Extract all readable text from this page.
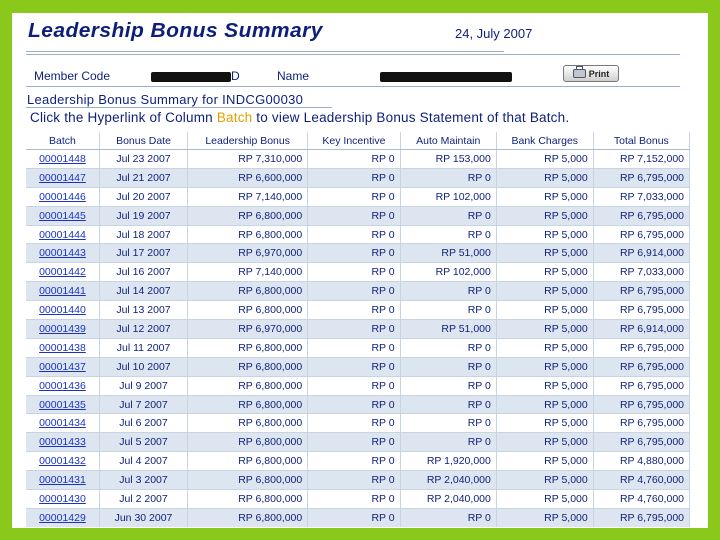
Leadership Bonus Summary	24, July 2007
Member Code	D	Name	Print
Leadership Bonus Summary for INDCG00030
Click the Hyperlink of Column Batch to view Leadership Bonus Statement of that Batch.
Batch	Bonus Date	Leadership Bonus	Key Incentive	Auto Maintain	Bank Charges	Total Bonus
00001448	Jul 23 2007	RP 7,310,000	RP 0	RP 153,000	RP 5,000	RP 7,152,000
00001447	Jul 21 2007	RP 6,600,000	RP 0	RP 0	RP 5,000	RP 6,795,000
00001446	Jul 20 2007	RP 7,140,000	RP 0	RP 102,000	RP 5,000	RP 7,033,000
00001445	Jul 19 2007	RP 6,800,000	RP 0	RP 0	RP 5,000	RP 6,795,000
00001444	Jul 18 2007	RP 6,800,000	RP 0	RP 0	RP 5,000	RP 6,795,000
00001443	Jul 17 2007	RP 6,970,000	RP 0	RP 51,000	RP 5,000	RP 6,914,000
00001442	Jul 16 2007	RP 7,140,000	RP 0	RP 102,000	RP 5,000	RP 7,033,000
00001441	Jul 14 2007	RP 6,800,000	RP 0	RP 0	RP 5,000	RP 6,795,000
00001440	Jul 13 2007	RP 6,800,000	RP 0	RP 0	RP 5,000	RP 6,795,000
00001439	Jul 12 2007	RP 6,970,000	RP 0	RP 51,000	RP 5,000	RP 6,914,000
00001438	Jul 11 2007	RP 6,800,000	RP 0	RP 0	RP 5,000	RP 6,795,000
00001437	Jul 10 2007	RP 6,800,000	RP 0	RP 0	RP 5,000	RP 6,795,000
00001436	Jul 9 2007	RP 6,800,000	RP 0	RP 0	RP 5,000	RP 6,795,000
00001435	Jul 7 2007	RP 6,800,000	RP 0	RP 0	RP 5,000	RP 6,795,000
00001434	Jul 6 2007	RP 6,800,000	RP 0	RP 0	RP 5,000	RP 6,795,000
00001433	Jul 5 2007	RP 6,800,000	RP 0	RP 0	RP 5,000	RP 6,795,000
00001432	Jul 4 2007	RP 6,800,000	RP 0	RP 1,920,000	RP 5,000	RP 4,880,000
00001431	Jul 3 2007	RP 6,800,000	RP 0	RP 2,040,000	RP 5,000	RP 4,760,000
00001430	Jul 2 2007	RP 6,800,000	RP 0	RP 2,040,000	RP 5,000	RP 4,760,000
00001429	Jun 30 2007	RP 6,800,000	RP 0	RP 0	RP 5,000	RP 6,795,000
